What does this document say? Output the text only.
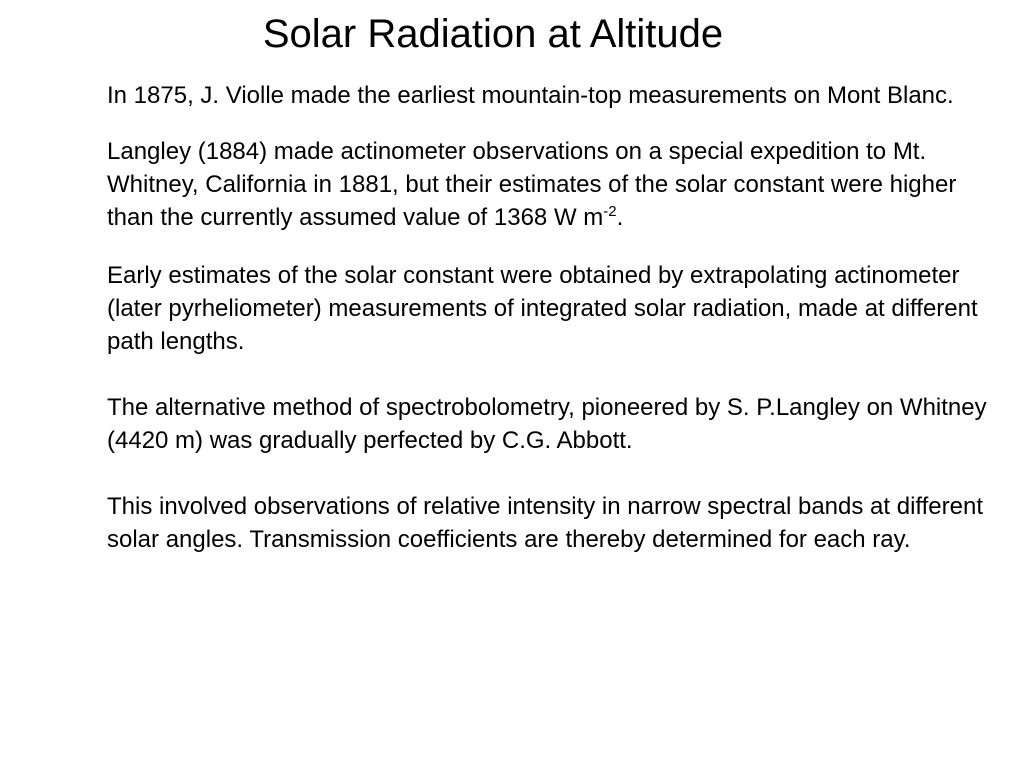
Solar Radiation at Altitude

In 1875, J. Violle made the earliest mountain-top measurements on Mont Blanc.

Langley (1884) made actinometer observations on a special expedition to Mt. Whitney, California in 1881, but their estimates of the solar constant were higher than the currently assumed value of 1368 W $m^{-2}$.

Early estimates of the solar constant were obtained by extrapolating actinometer (later pyrheliometer) measurements of integrated solar radiation, made at different path lengths.

The alternative method of spectrobolometry, pioneered by S. P.Langley on Whitney (4420 m) was gradually perfected by C.G. Abbott.

This involved observations of relative intensity in narrow spectral bands at different solar angles. Transmission coefficients are thereby determined for each ray.
